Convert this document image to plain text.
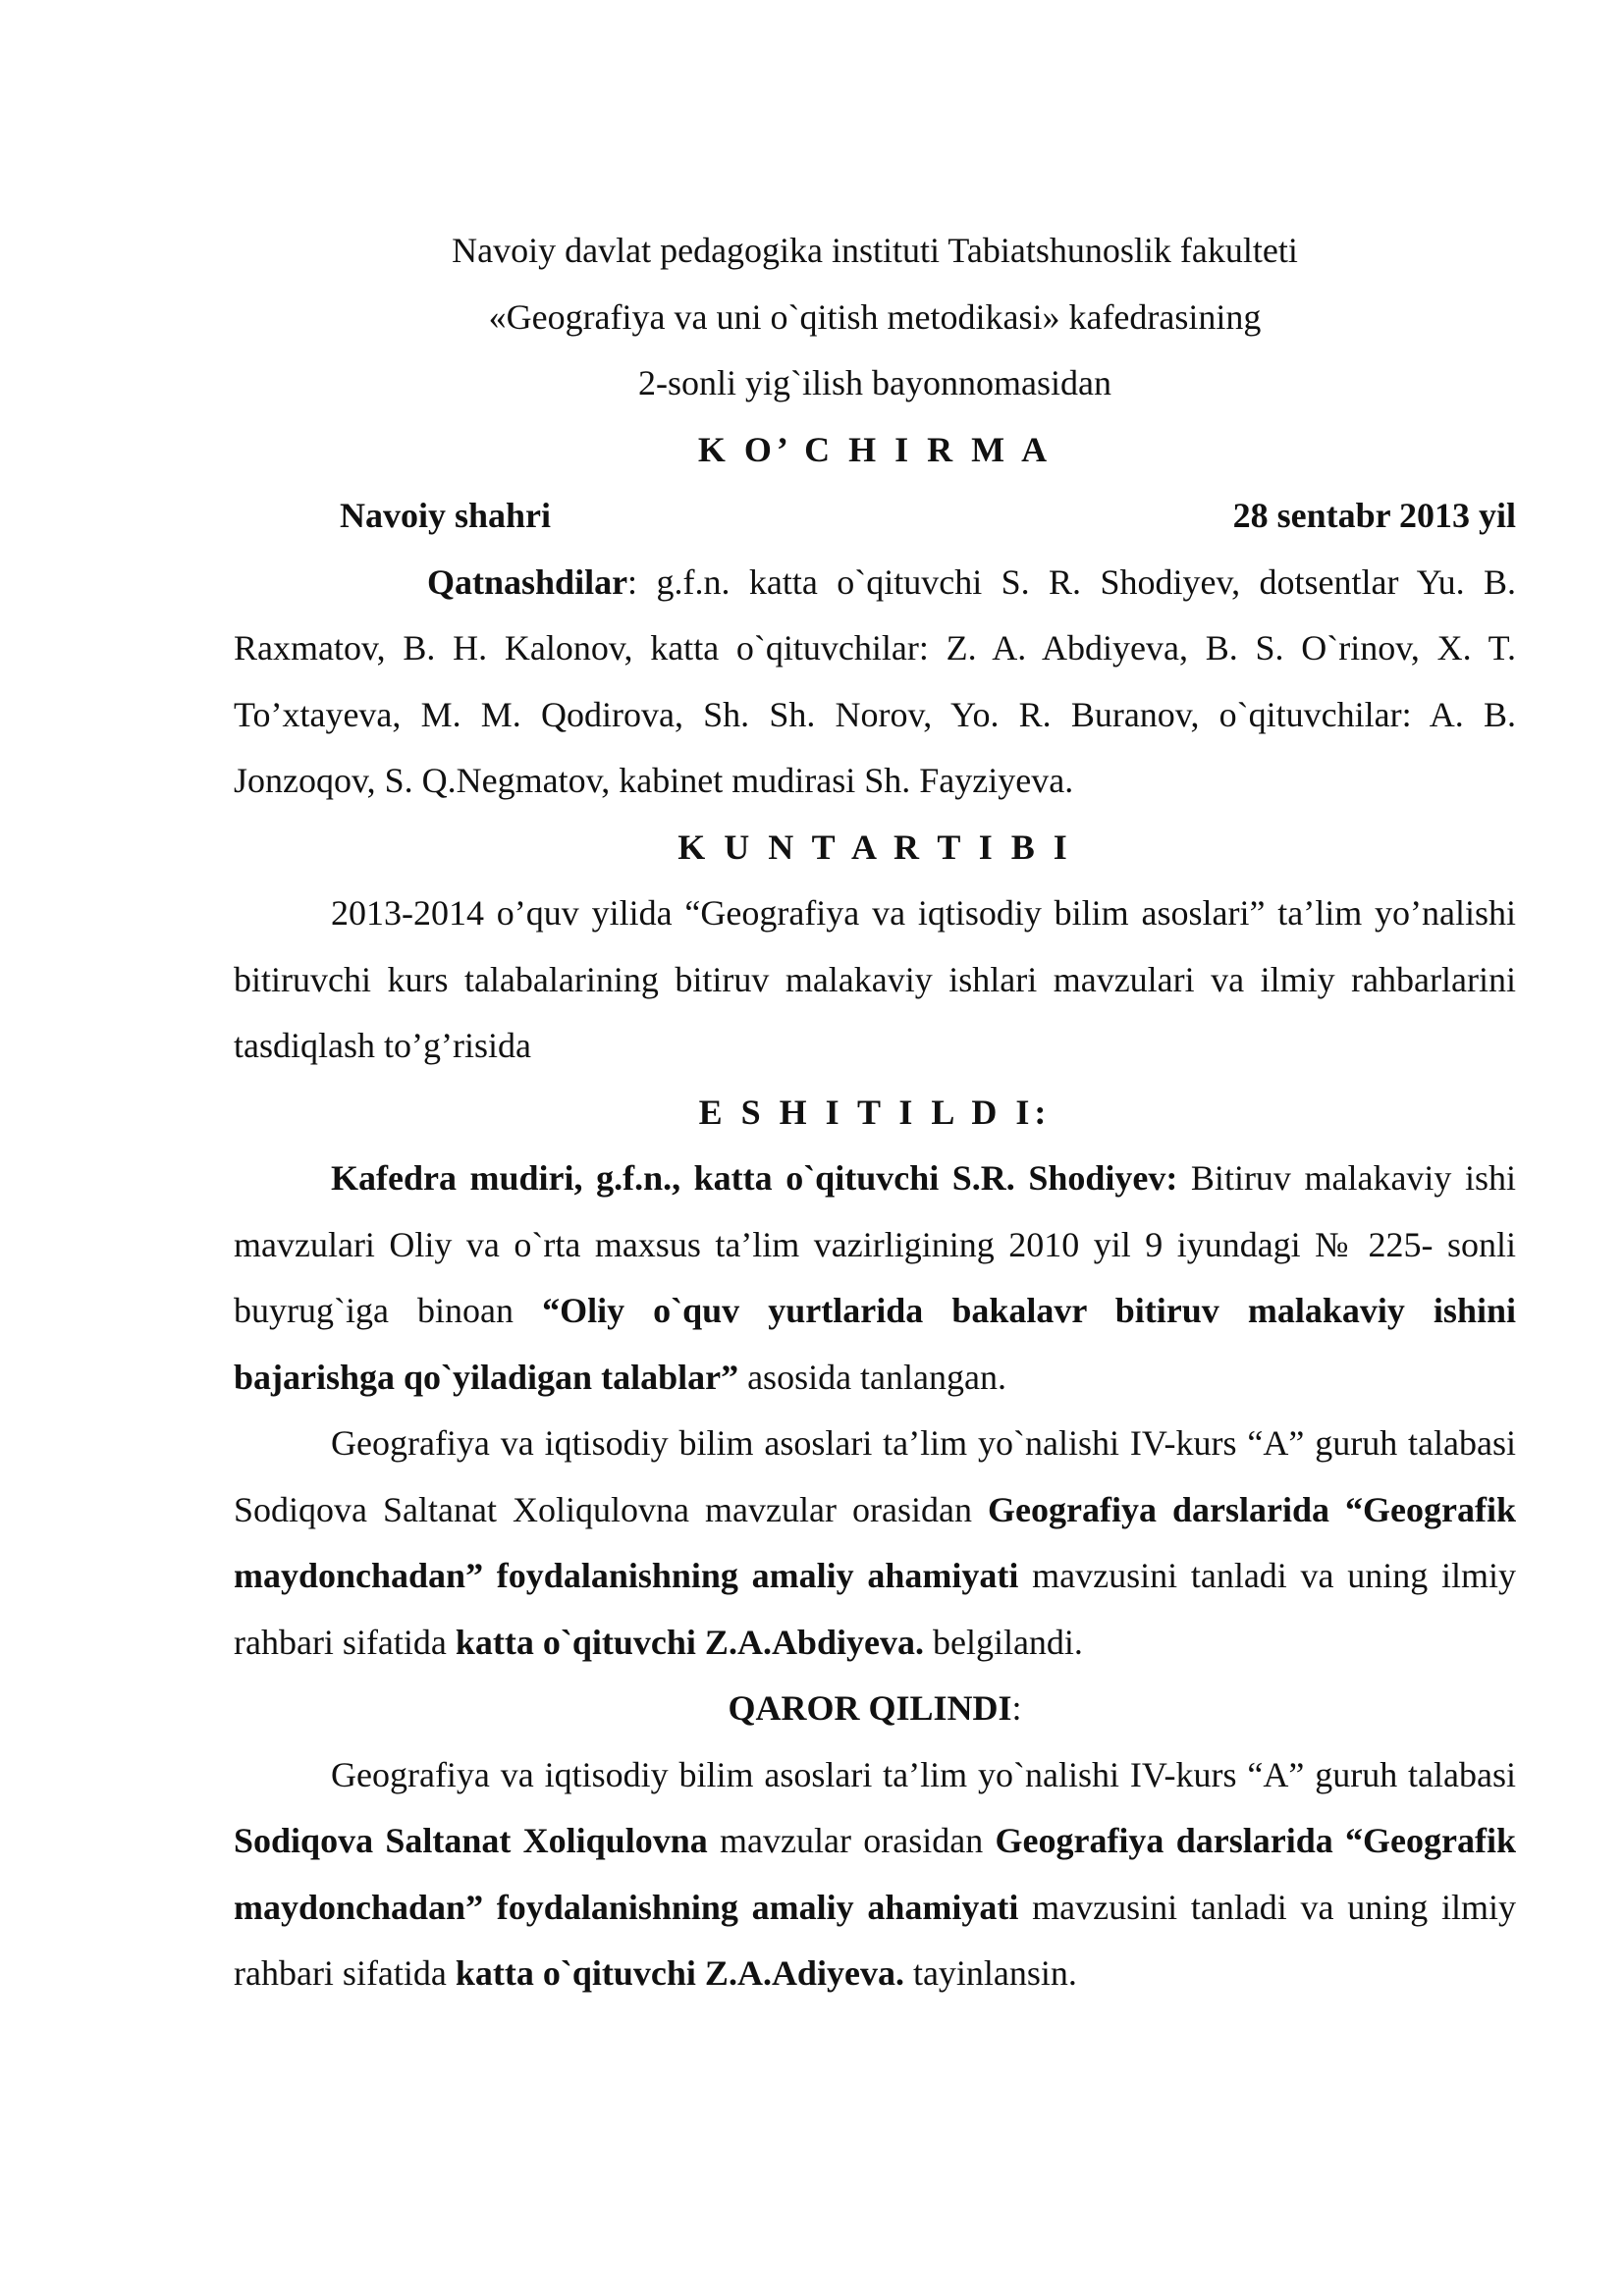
Navoiy davlat pedagogika instituti Tabiatshunoslik fakulteti

«Geografiya va uni o`qitish metodikasi» kafedrasining

2-sonli yig`ilish bayonnomasidan

K O’ C H I R M A

Navoiy shahri	28 sentabr 2013 yil

Qatnashdilar: g.f.n. katta o`qituvchi S. R. Shodiyev, dotsentlar Yu. B. Raxmatov, B. H. Kalonov, katta o`qituvchilar: Z. A. Abdiyeva, B. S. O`rinov, X. T. To’xtayeva, M. M. Qodirova, Sh. Sh. Norov, Yo. R. Buranov, o`qituvchilar: A. B. Jonzoqov, S. Q.Negmatov, kabinet mudirasi Sh. Fayziyeva.

K U N T A R T I B I

2013-2014 o’quv yilida “Geografiya va iqtisodiy bilim asoslari” ta’lim yo’nalishi bitiruvchi kurs talabalarining bitiruv malakaviy ishlari mavzulari va ilmiy rahbarlarini tasdiqlash to’g’risida

E S H I T I L D I:

Kafedra mudiri, g.f.n., katta o`qituvchi S.R. Shodiyev: Bitiruv malakaviy ishi mavzulari Oliy va o`rta maxsus ta’lim vazirligining 2010 yil 9 iyundagi № 225- sonli buyrug`iga binoan “Oliy o`quv yurtlarida bakalavr bitiruv malakaviy ishini bajarishga qo`yiladigan talablar” asosida tanlangan.

Geografiya va iqtisodiy bilim asoslari ta’lim yo`nalishi IV-kurs “A” guruh talabasi Sodiqova Saltanat Xoliqulovna mavzular orasidan Geografiya darslarida “Geografik maydonchadan” foydalanishning amaliy ahamiyati mavzusini tanladi va uning ilmiy rahbari sifatida katta o`qituvchi Z.A.Abdiyeva. belgilandi.

QAROR QILINDI:

Geografiya va iqtisodiy bilim asoslari ta’lim yo`nalishi IV-kurs “A” guruh talabasi Sodiqova Saltanat Xoliqulovna mavzular orasidan Geografiya darslarida “Geografik maydonchadan” foydalanishning amaliy ahamiyati mavzusini tanladi va uning ilmiy rahbari sifatida katta o`qituvchi Z.A.Adiyeva. tayinlansin.
